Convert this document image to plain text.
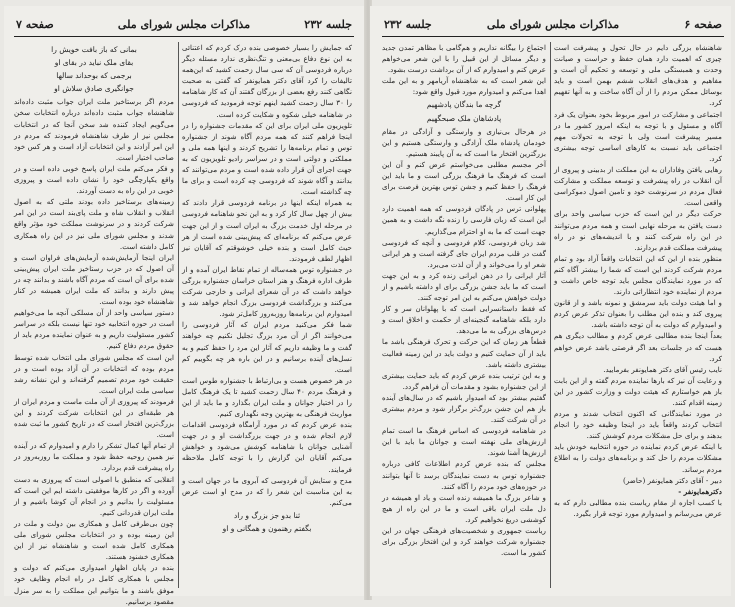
جلسه ۲۳۲
مذاکرات مجلس شورای ملی
صفحه ۷

که جمایش را بسیار خصوصی بنده درک کردم که اعتنائی به این نوع دفاع بی‌معنی و تنگ‌نظری ندارد مسئله دیگر درباره فردوسی آن که سی سال زحمت کشید که این‌همه تالیفات را کرد آقای دکتر همایونفر که گفتی به صحبت نگاهی کنند رفع بعضی از بزرگان گفتند آن که کار شاهنامه را ۳۰ سال زحمت کشید اینهم توجه فرمودید که فردوسی در شاهنامه خیلی شکوه و شکایت کرده است.

تلویزیون ملی ایران برای این که مقدمات جشنواره را در اینجا فراهم کنند که همه مردم آگاه شوند از جشنواره توس و تمام برنامه‌ها را تشریح کردند و اینها همه ملی و مملکتی و دولتی است و در سراسر رادیو تلویزیون که به جهت اجرای آن قرار داده شده است و مردم می‌توانند که بدانند و آگاه شوند که فردوسی چه کرده است و برای ما چه گذاشته است.

به همراه اینکه اینها در برنامه فردوسی قرار دادند که بیش از چهل سال کار کرد و به این نحو شاهنامه فردوسی در مرحله اول خدمت بزرگ به ایران است و از این جهت عرض می‌کنم که برنامه‌ای که پیش‌بینی شده است از هر حیث کامل است و بنده خیلی خوشوقتم که آقایان نیز اظهار لطف فرمودند.

در جشنواره توس همه‌ساله از تمام نقاط ایران آمده و از طرف اداره فرهنگ و هنر استان خراسان جشنواره بزرگی خواهد داشت که در آن شعرای ایرانی و خارجی شرکت می‌کنند و بزرگداشت فردوسی بزرگ انجام خواهد شد و امیدوارم این برنامه‌ها روزبه‌روز کامل‌تر شود.

شما فکر می‌کنید مردم ایران که آثار فردوسی را می‌خوانند اگر از آن مرد بزرگ تجلیل نکنیم چه خواهند گفت و ما وظیفه داریم که آثار این مرد را حفظ کنیم و به نسل‌های آینده برسانیم و در این باره هر چه بگوییم کم است.

در هر خصوص هست و بی‌ارتباط با جشنواره طوس است و فرهنگ مردم ۴۰ سال زحمت کشید تا یک فرهنگ کامل را در اختیار جوانان و ملت ایران بگذارد و ما باید از این مواریث فرهنگی به بهترین وجه نگهداری کنیم.

بنده عرض کردم که در مورد آرامگاه فردوسی اقدامات لازم انجام شده و در جهت بزرگداشت او و در جهت آشنایی جوانان با شاهنامه کوشش می‌شود و خواهش می‌کنم آقایان این گزارش را با توجه کامل ملاحظه فرمایند.

مدح و ستایش آن فردوسی که آبروی ما در جهان است و به این مناسبت این شعر را که در مدح او است عرض می‌کنم.

ثنا بدو جز بزرگ و راد

بگفتم رهنمون و همگانی و او

بمانی که باز بافت خویش را

بقای ملک نباید در بقای او

برجمی که بوحداند سالها

جوانگیری صادق سلاش او

مردم اگر برستاخیز ملت ایران جواب مثبت داده‌اند شاهنشاه جواب مثبت داده‌اند درباره انتخابات سخن می‌گویم ایجاد کننده شد سخن آنجا که در انتخابات مجلس نیز از طرف شاهنشاه فرمودند که مردم در این امر آزادند و این انتخابات آزاد است و هر کس خود صاحب اختیار است.

و فکر می‌کنم ملت ایران پاسخ خوبی داده است و در واقع یکپارچگی خود را نشان داده است و پیروزی خوبی در این راه به دست آوردند.

زمینه‌های برستاخیز داده بودند ملتی که به اصول انقلاب و انقلاب شاه و ملت پای‌بند است در این امر شرکت کردند و در سرنوشت مملکت خود مؤثر واقع شدند و مجلس شورای ملی نیز در این راه همکاری کامل داشته است.

ایران اینجا آزمایش‌شده آزمایش‌های فراوان است و آن اصول که در حزب رستاخیز ملت ایران پیش‌بینی شده برای آن است که مردم آگاه باشند و بدانند چه در پیش دارند و بدانند که ملت ایران همیشه در کنار شاهنشاه خود بوده است.

دستور سیاسی واحد از آن مسلکی آنچه ما می‌خواهیم است در حوزه انتخابیه خود تنها نیست بلکه در سراسر کشور مسئولیت داریم و به عنوان نماینده مردم باید از حقوق مردم دفاع کنیم.

این است که مجلس شورای ملی انتخاب شده توسط مردم بوده که انتخابات در آن آزاد بوده است و در حقیقت خود مردم تصمیم گرفته‌اند و این نشانه رشد سیاسی ملت ایران است.

فرمودند که پیروزی از آن ملت ماست و مردم ایران از هر طبقه‌ای در این انتخابات شرکت کردند و این بزرگ‌ترین افتخار است که در تاریخ کشور ما ثبت شده است.

از تمام آنها کمال تشکر را دارم و امیدوارم که در آینده نیز همین روحیه حفظ شود و مملکت ما روزبه‌روز در راه پیشرفت قدم بردارد.

انقلابی که منطبق با اصولی است که پیروزی به دست آورده و اگر در کارها موفقیتی داشته ایم این است که مسئولیت را بدانیم و در انجام آن کوشا باشیم و از ملت ایران قدردانی کنیم.

چون بی‌طرفی کامل و همکاری بین دولت و ملت در این زمینه بوده و در انتخابات مجلس شورای ملی همکاری کامل شده است و شاهنشاه نیز از این همکاری خشنود هستند.

بنده در پایان اظهار امیدواری می‌کنم که دولت و مجلس با همکاری کامل در راه انجام وظایف خود موفق باشند و ما بتوانیم این مملکت را به سر منزل مقصود برسانیم.

صفحه ۶
مذاکرات مجلس شورای ملی
جلسه ۲۳۲

شاهنشاه بزرگی دایم در حال تحول و پیشرفت است چیزی که اهمیت دارد همان حفظ و حراست و صیانت وحدت و همبستگی ملی و توسعه و تحکیم آن است و مفاهیم و هدف‌های انقلاب ششم بهمن است و باید بوسائل ممکن مردم را از آن آگاه ساخت و به آنها تفهیم کرد.

اجتماعی و مشارکت در امور مربوط بخود بعنوان یک فرد آگاه و مسئول و با توجه به اینکه امروز کشور ما در مسیر پیشرفت است ولی با توجه به تحولات مهم اجتماعی باید نسبت به کارهای اساسی توجه بیشتری کرد.

رهایی یافتن وفاداران به این مملکت از بدبینی و پیروی از آن انقلاب در راه پیشرفت و توسعه مملکت و مشارکت فعال مردم در سرنوشت خود و تامین اصول دموکراسی واقعی است.

حرکت دیگر در این است که حزب سیاسی واحد برای دست یافتن به مرحله نهایی است و همه مردم می‌توانند در این راه شرکت کنند و با اندیشه‌های نو در راه پیشرفت مملکت قدم بردارند.

منظور بنده از این که این انتخابات واقعاً آزاد بود و تمام مردم شرکت کردند این است که شما را بیشتر آگاه کنم که در مورد نمایندگان مجلس باید توجه خاص داشت و مردم از نماینده خود انتظاراتی دارند.

و اما هیئت دولت باید سرمشق و نمونه باشد و از قانون پیروی کند و بنده این مطلب را بعنوان تذکر عرض کردم و امیدوارم که دولت به آن توجه داشته باشد.

بعداً اینجا بنده مطالبی عرض کردم و مطالب دیگری هم هست که در جلسات بعد اگر فرصتی باشد عرض خواهم کرد.

نایب رئیس آقای دکتر همایونفر بفرمایید.

و رعایت آن نیز که بارها نماینده مردم گفته و از این بابت باز هم خواستارم که هیئت دولت و وزارت کشور در این زمینه اقدام کنند.

در مورد نمایندگانی که اکنون انتخاب شدند و مردم انتخاب کردند واقعاً باید در اینجا وظیفه خود را انجام بدهند و برای حل مشکلات مردم کوشش کنند.

با اینکه عرض کردم نماینده در حوزه انتخابیه خودش باید مشکلات مردم را حل کند و برنامه‌های دولت را به اطلاع مردم برساند.

دبیر - آقای دکتر همایونفر (حاضر)

دکترهمایونفر -

با کسب اجازه از مقام ریاست بنده مطالبی دارم که به عرض می‌رسانم و امیدوارم مورد توجه قرار بگیرد.

اجتماع را بیگانه نداریم و هم‌گامی با مظاهر تمدن جدید و دیگر مسائل از این قبیل را با این شعر می‌خواهم عرض کنم و امیدوارم که از آن برداشت درست بشود.

این شعر است که به شاهنشاه آریامهر و به این ملت اهدا می‌کنم و امیدوارم مورد قبول واقع شود:

گرچه ما بندگان پادشهیم

پادشاهان ملک صبحگهیم

در هرحال بی‌نیازی و وارستگی و آزادگی در مقام خودمان پادشاه ملک آزادگی و وارستگی هستیم و این بزرگترین افتخار ما است که به آن پایبند هستیم.

آخر مجسم مطلبی می‌خواستم عرض کنم و آن این است که فرهنگ ما فرهنگ بزرگی است و ما باید این فرهنگ را حفظ کنیم و جشن توس بهترین فرصت برای این کار است.

پهلوانی ترس در پادگان فردوسی که همه اهمیت دارد این است که زبان فارسی را زنده نگه داشت و به همین جهت است که ما به او احترام می‌گذاریم.

شد زبان فردوسی، کلام فردوسی و آنچه که فردوسی گفت در قلب مردم ایران جای گرفته است و هر ایرانی شعر او را می‌خواند و از آن لذت می‌برد.

آثار ایرانی را در ذهن ایرانی زنده کرد و به این جهت است که ما باید جشن بزرگی برای او داشته باشیم و از دولت خواهش می‌کنم به این امر توجه کنند.

که فقط داستانسرایی است که با پهلوانان سر و کار دارد بلکه شاهنامه گنجینه‌ای از حکمت و اخلاق است و درس‌های بزرگی به ما می‌دهد.

قطعاً هر زمان که این حرکت و تحرک فرهنگی باشد ما باید از آن حمایت کنیم و دولت باید در این زمینه فعالیت بیشتری داشته باشد.

و به این ترتیب بنده عرض کردم که باید حمایت بیشتری از این جشنواره بشود و مقدمات آن فراهم گردد.

گفتیم بیشتر بود که امیدوار باشیم که در سال‌های آینده باز هم این جشن بزرگ‌تر برگزار شود و مردم بیشتری در آن شرکت کنند.

در شاهنامه فردوسی که اساس فرهنگ ما است تمام ارزش‌های ملی نهفته است و جوانان ما باید با این ارزش‌ها آشنا شوند.

مجلس که بنده عرض کردم اطلاعات کافی درباره جشنواره توس به دست نمایندگان برسد تا آنها بتوانند در حوزه‌های خود مردم را آگاه کنند.

و شاعر بزرگ ما همیشه زنده است و یاد او همیشه در دل ملت ایران باقی است و ما در این راه از هیچ کوششی دریغ نخواهیم کرد.

ریاست جمهوری و شخصیت‌های فرهنگی جهان در این جشنواره شرکت خواهند کرد و این افتخار بزرگی برای کشور ما است.
